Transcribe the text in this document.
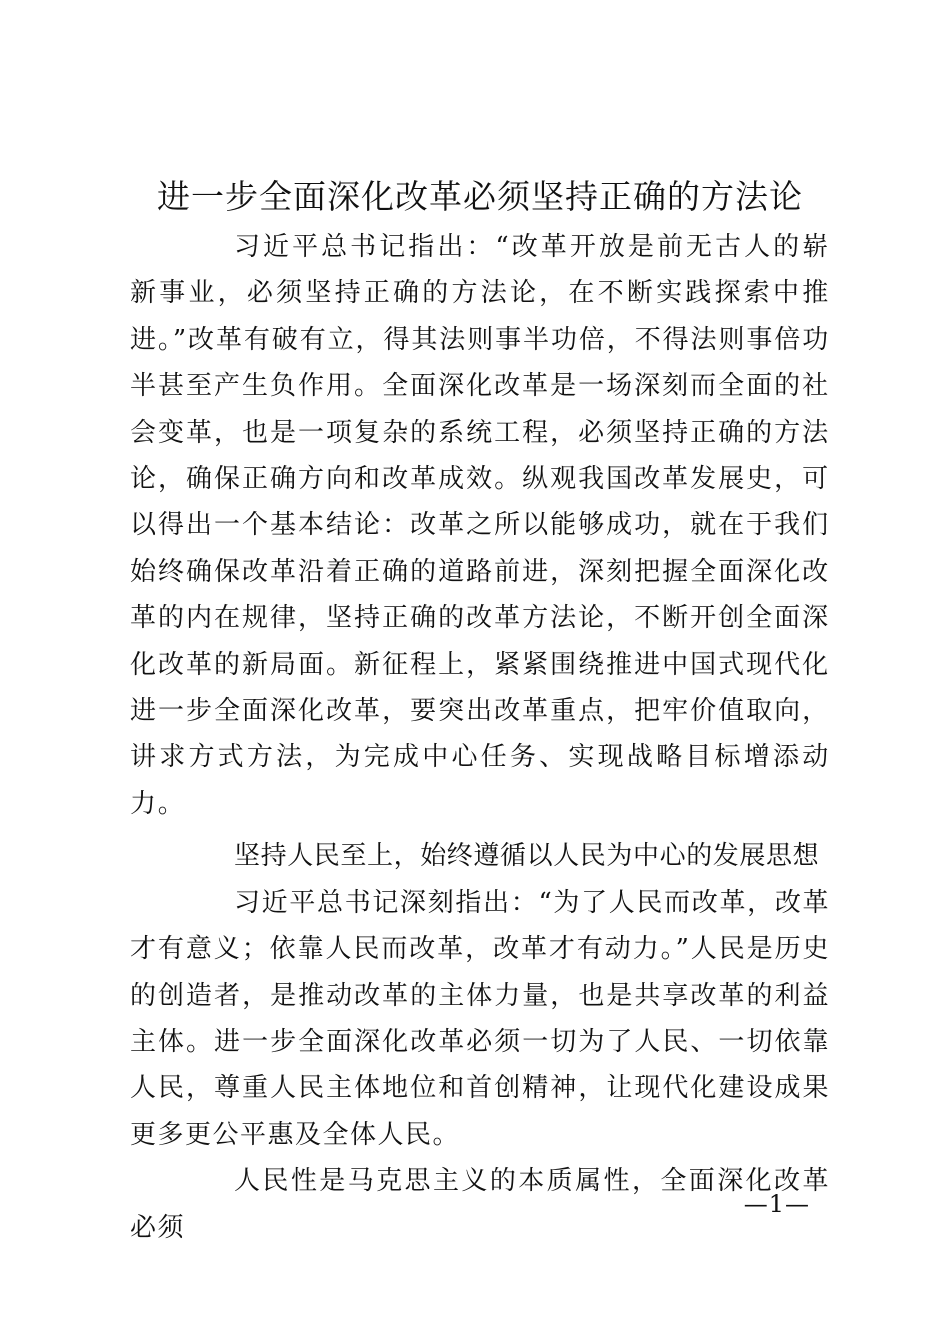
进一步全面深化改革必须坚持正确的方法论

习近平总书记指出：“改革开放是前无古人的崭新事业，必须坚持正确的方法论，在不断实践探索中推进。”改革有破有立，得其法则事半功倍，不得法则事倍功半甚至产生负作用。全面深化改革是一场深刻而全面的社会变革，也是一项复杂的系统工程，必须坚持正确的方法论，确保正确方向和改革成效。纵观我国改革发展史，可以得出一个基本结论：改革之所以能够成功，就在于我们始终确保改革沿着正确的道路前进，深刻把握全面深化改革的内在规律，坚持正确的改革方法论，不断开创全面深化改革的新局面。新征程上，紧紧围绕推进中国式现代化进一步全面深化改革，要突出改革重点，把牢价值取向，讲求方式方法，为完成中心任务、实现战略目标增添动力。

坚持人民至上，始终遵循以人民为中心的发展思想

习近平总书记深刻指出：“为了人民而改革，改革才有意义；依靠人民而改革，改革才有动力。”人民是历史的创造者，是推动改革的主体力量，也是共享改革的利益主体。进一步全面深化改革必须一切为了人民、一切依靠人民，尊重人民主体地位和首创精神，让现代化建设成果更多更公平惠及全体人民。

人民性是马克思主义的本质属性，全面深化改革必须

—1—
